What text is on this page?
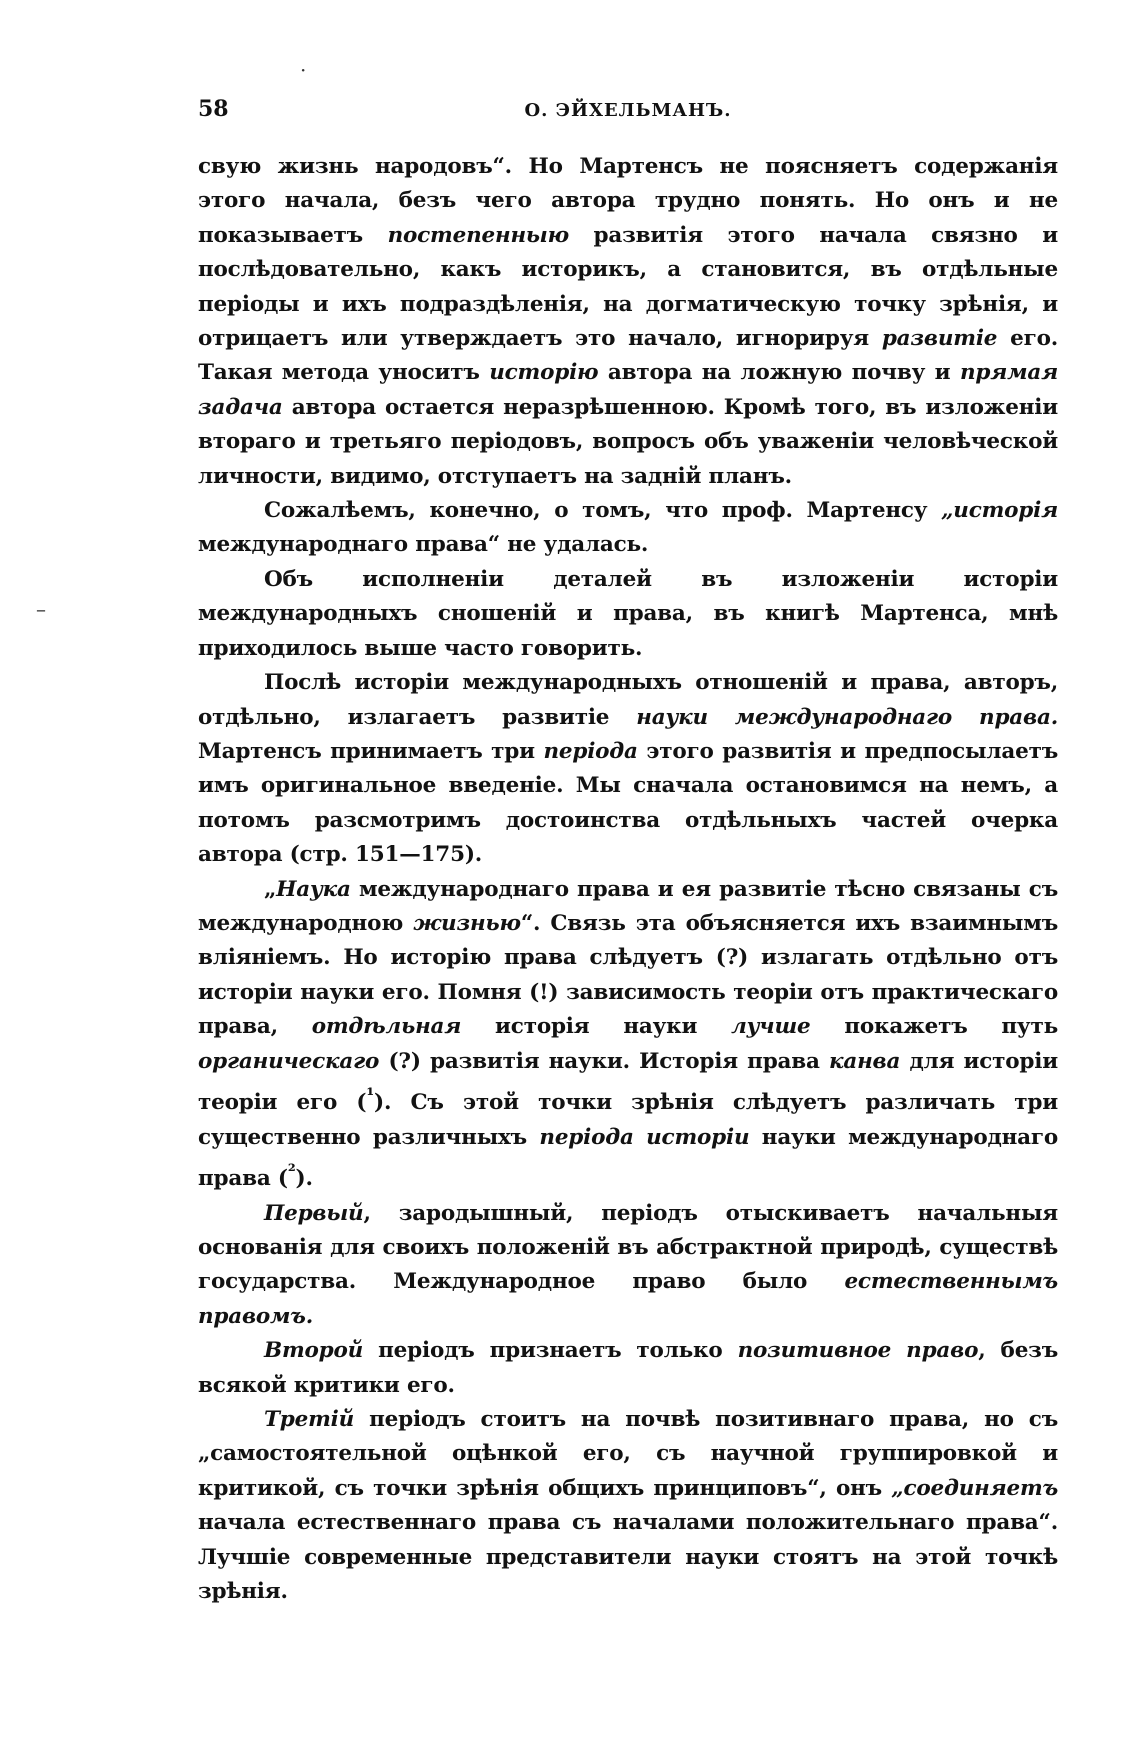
58	О. ЭЙХЕЛЬМАНЪ.

свую жизнь народовъ“. Но Мартенсъ не поясняетъ содержанія этого начала, безъ чего автора трудно понять. Но онъ и не показываетъ постепенныю развитія этого начала связно и послѣдовательно, какъ историкъ, а становится, въ отдѣльные періоды и ихъ подраздѣленія, на догматическую точку зрѣнія, и отрицаетъ или утверждаетъ это начало, игнорируя развитіе его. Такая метода уноситъ исторію автора на ложную почву и прямая задача автора остается неразрѣшенною. Кромѣ того, въ изложеніи втораго и третьяго періодовъ, вопросъ объ уваженіи человѣческой личности, видимо, отступаетъ на задній планъ.

Сожалѣемъ, конечно, о томъ, что проф. Мартенсу „исторія международнаго права“ не удалась.

Объ исполненіи деталей въ изложеніи исторіи международныхъ сношеній и права, въ книгѣ Мартенса, мнѣ приходилось выше часто говорить.

Послѣ исторіи международныхъ отношеній и права, авторъ, отдѣльно, излагаетъ развитіе науки международнаго права. Мартенсъ принимаетъ три періода этого развитія и предпосылаетъ имъ оригинальное введеніе. Мы сначала остановимся на немъ, а потомъ разсмотримъ достоинства отдѣльныхъ частей очерка автора (стр. 151—175).

„Наука международнаго права и ея развитіе тѣсно связаны съ международною жизнью“. Связь эта объясняется ихъ взаимнымъ вліяніемъ. Но исторію права слѣдуетъ (?) излагать отдѣльно отъ исторіи науки его. Помня (!) зависимость теоріи отъ практическаго права, отдѣльная исторія науки лучше покажетъ путь органическаго (?) развитія науки. Исторія права канва для исторіи теоріи его ($^{^1}$). Съ этой точки зрѣнія слѣдуетъ различать три существенно различныхъ періода исторіи науки международнаго права ($^{^2}$).

Первый, зародышный, періодъ отыскиваетъ начальныя основанія для своихъ положеній въ абстрактной природѣ, существѣ государства. Международное право было естественнымъ правомъ.

Второй періодъ признаетъ только позитивное право, безъ всякой критики его.

Третій періодъ стоитъ на почвѣ позитивнаго права, но съ „самостоятельной оцѣнкой его, съ научной группировкой и критикой, съ точки зрѣнія общихъ принциповъ“, онъ „соединяетъ начала естественнаго права съ началами положительнаго права“. Лучшіе современные представители науки стоятъ на этой точкѣ зрѣнія.

·
–
